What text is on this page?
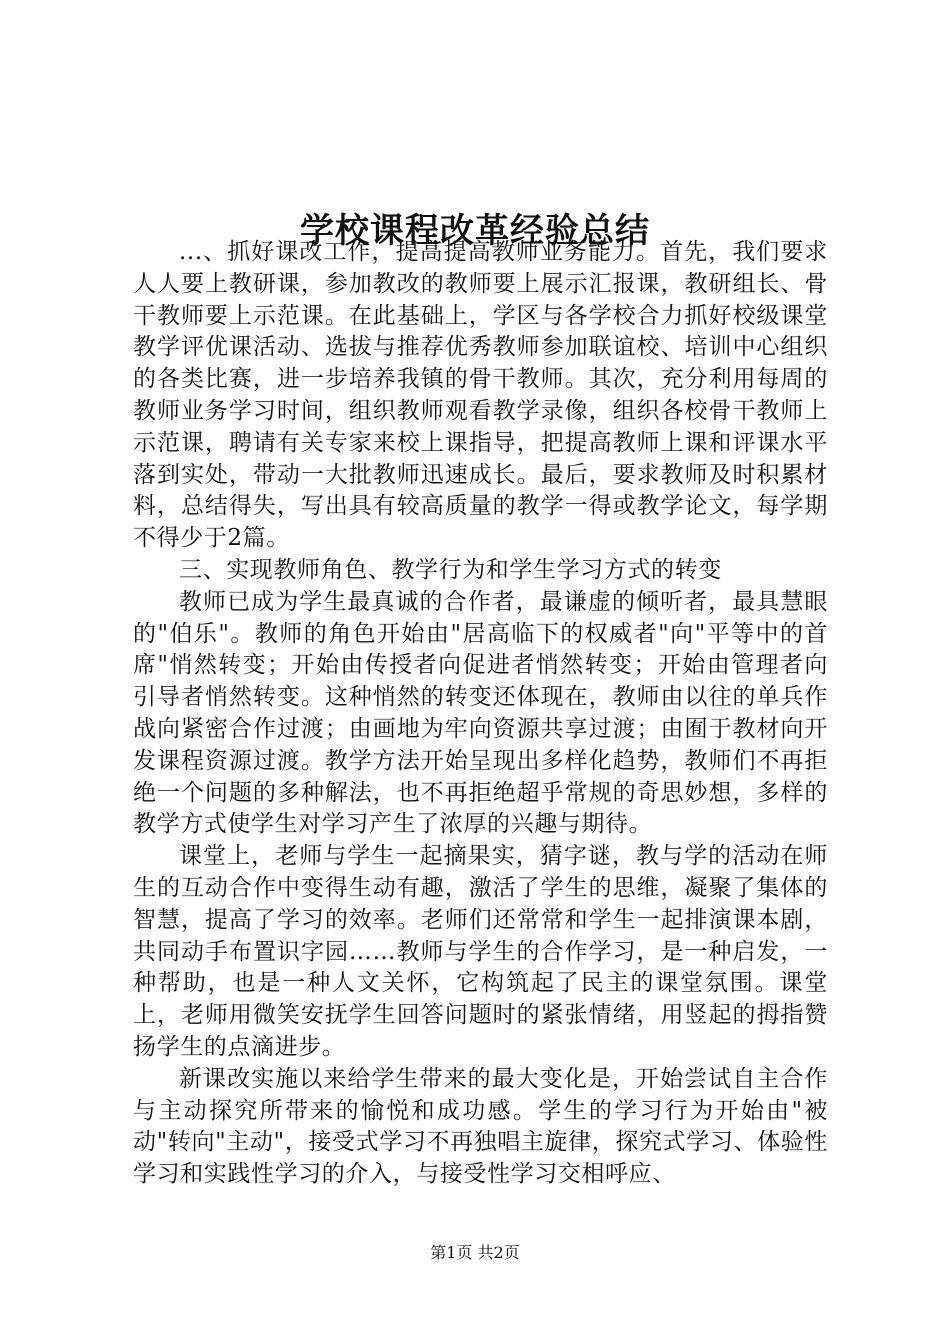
学校课程改革经验总结

...、抓好课改工作，提高提高教师业务能力。首先，我们要求人人要上教研课，参加教改的教师要上展示汇报课，教研组长、骨干教师要上示范课。在此基础上，学区与各学校合力抓好校级课堂教学评优课活动、选拔与推荐优秀教师参加联谊校、培训中心组织的各类比赛，进一步培养我镇的骨干教师。其次，充分利用每周的教师业务学习时间，组织教师观看教学录像，组织各校骨干教师上示范课，聘请有关专家来校上课指导，把提高教师上课和评课水平落到实处，带动一大批教师迅速成长。最后，要求教师及时积累材料，总结得失，写出具有较高质量的教学一得或教学论文，每学期不得少于2篇。

三、实现教师角色、教学行为和学生学习方式的转变

教师已成为学生最真诚的合作者，最谦虚的倾听者，最具慧眼的"伯乐"。教师的角色开始由"居高临下的权威者"向"平等中的首席"悄然转变；开始由传授者向促进者悄然转变；开始由管理者向引导者悄然转变。这种悄然的转变还体现在，教师由以往的单兵作战向紧密合作过渡；由画地为牢向资源共享过渡；由囿于教材向开发课程资源过渡。教学方法开始呈现出多样化趋势，教师们不再拒绝一个问题的多种解法，也不再拒绝超乎常规的奇思妙想，多样的教学方式使学生对学习产生了浓厚的兴趣与期待。

课堂上，老师与学生一起摘果实，猜字谜，教与学的活动在师生的互动合作中变得生动有趣，激活了学生的思维，凝聚了集体的智慧，提高了学习的效率。老师们还常常和学生一起排演课本剧，共同动手布置识字园……教师与学生的合作学习，是一种启发，一种帮助，也是一种人文关怀，它构筑起了民主的课堂氛围。课堂上，老师用微笑安抚学生回答问题时的紧张情绪，用竖起的拇指赞扬学生的点滴进步。

新课改实施以来给学生带来的最大变化是，开始尝试自主合作与主动探究所带来的愉悦和成功感。学生的学习行为开始由"被动"转向"主动"，接受式学习不再独唱主旋律，探究式学习、体验性学习和实践性学习的介入，与接受性学习交相呼应、

第1页 共2页
